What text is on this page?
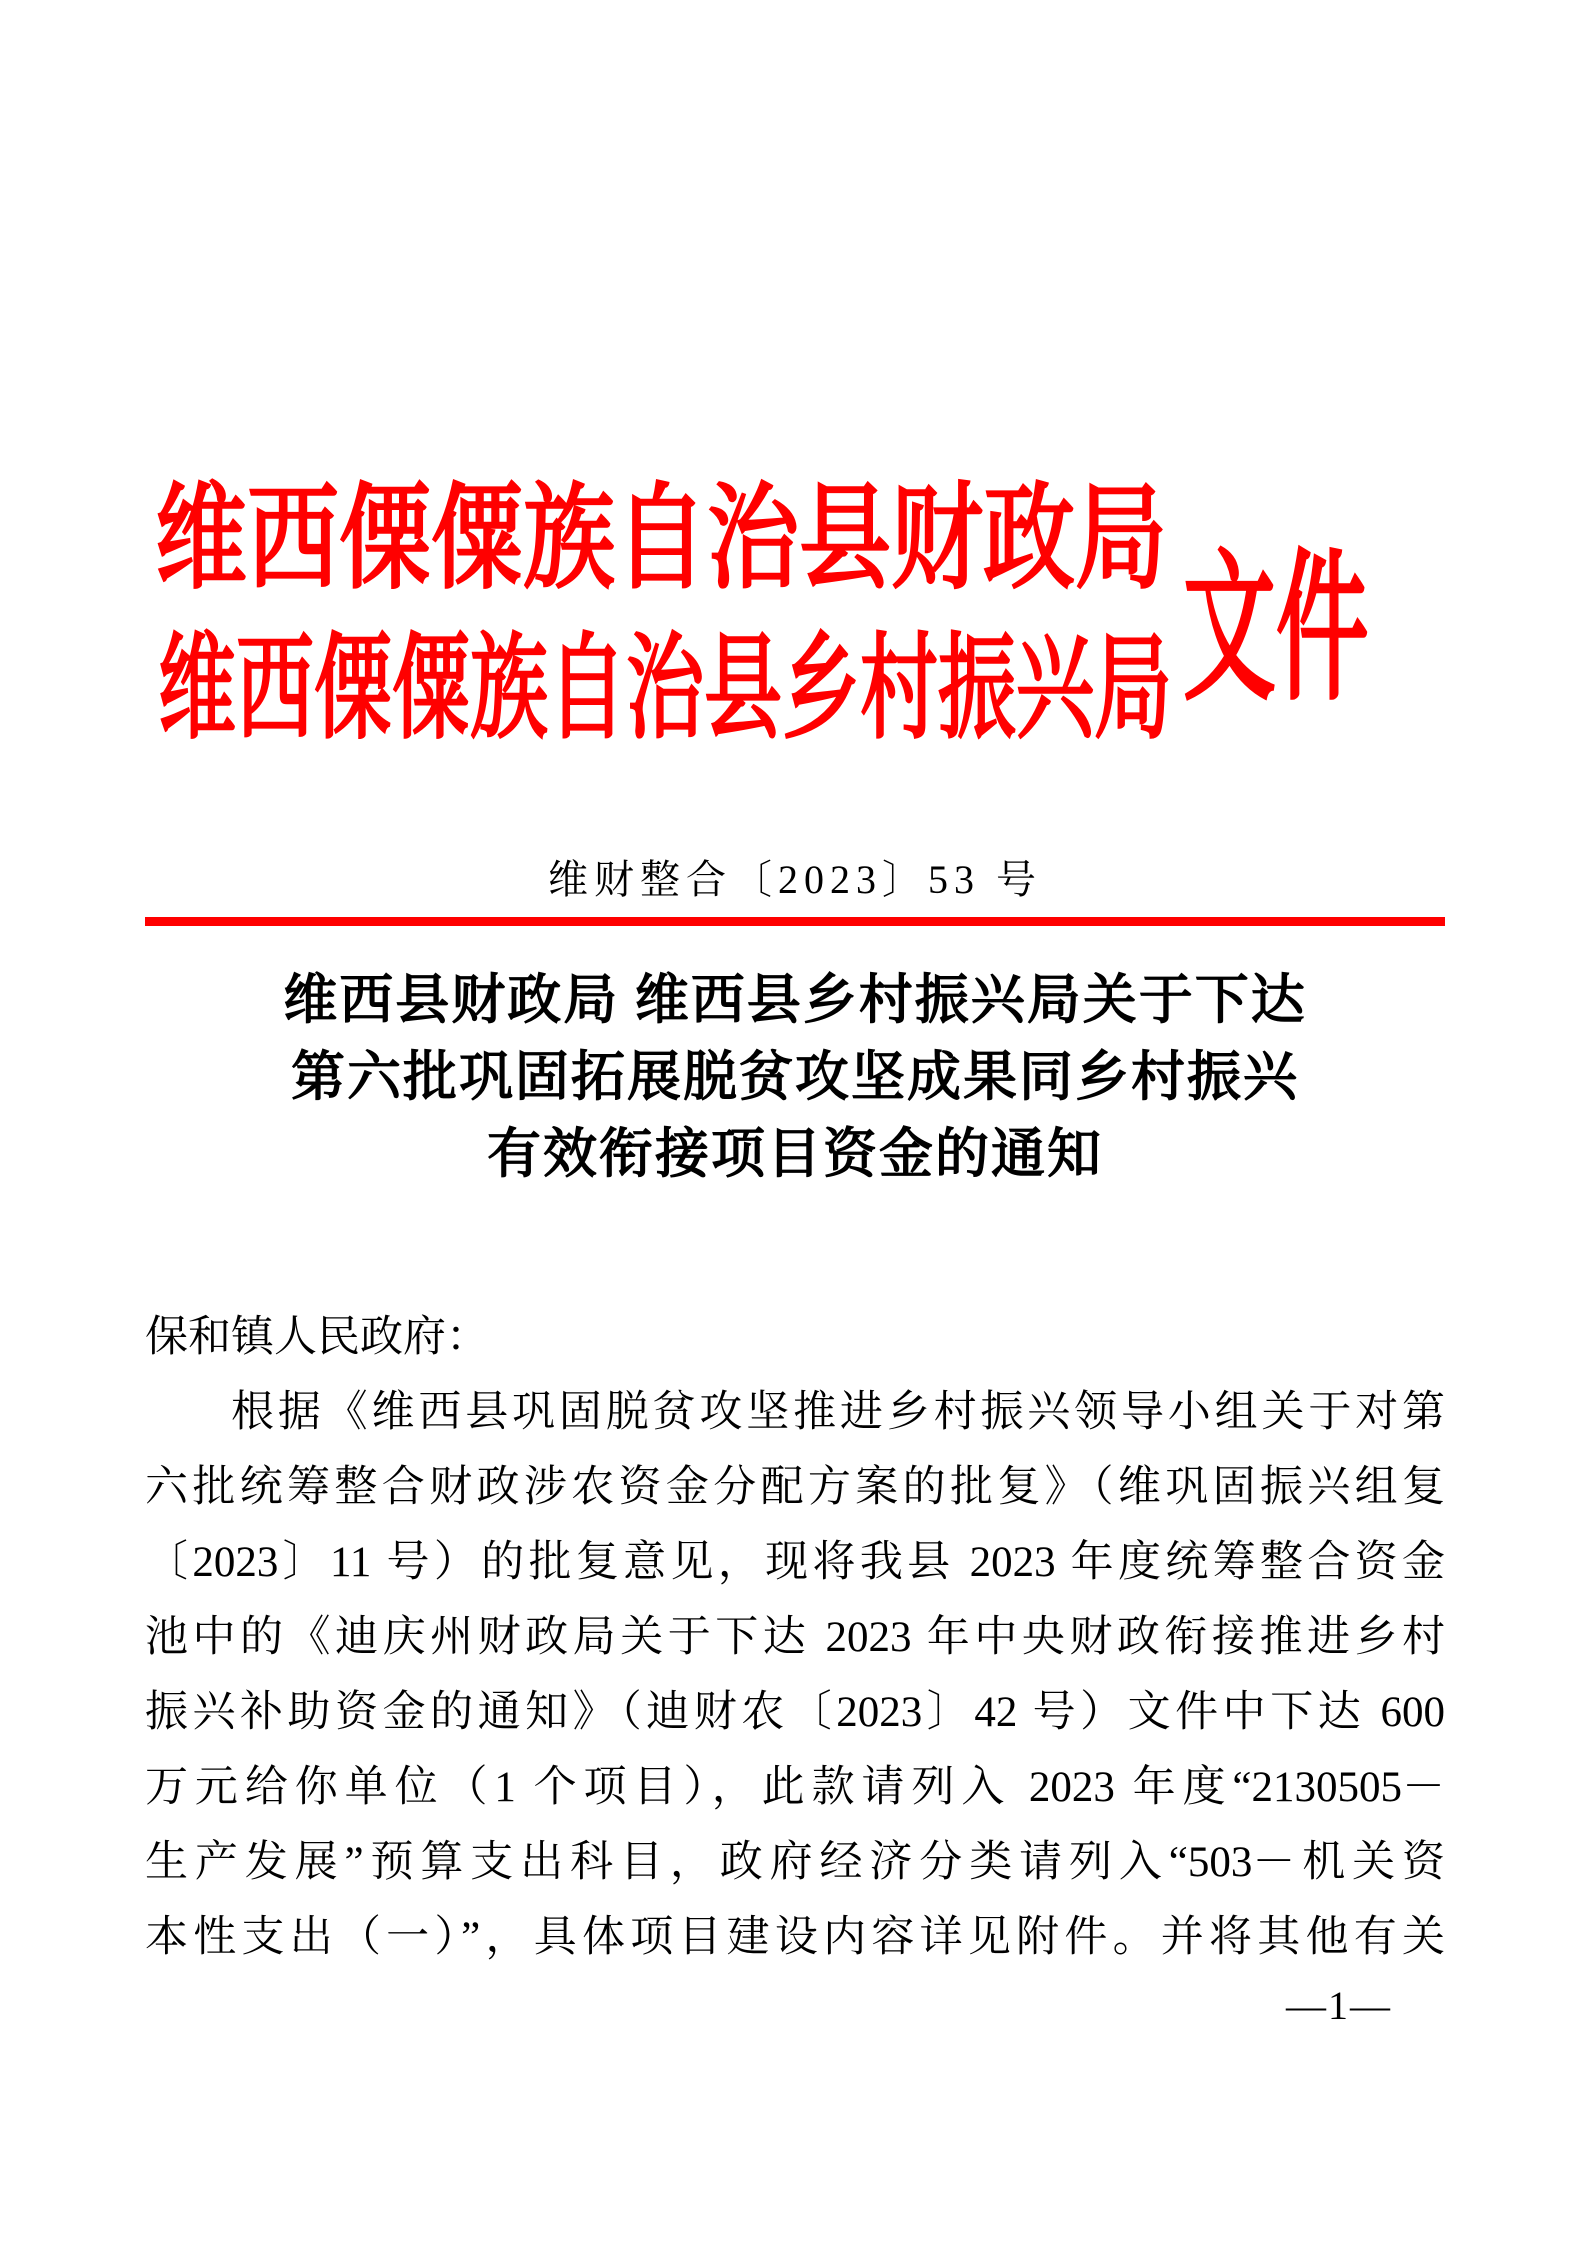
维西傈僳族自治县财政局
维西傈僳族自治县乡村振兴局 文件
维财整合〔2023〕53 号
维西县财政局 维西县乡村振兴局关于下达
第六批巩固拓展脱贫攻坚成果同乡村振兴
有效衔接项目资金的通知
保和镇人民政府：
根据《维西县巩固脱贫攻坚推进乡村振兴领导小组关于对第
六批统筹整合财政涉农资金分配方案的批复》（维巩固振兴组复
〔2023〕11 号）的批复意见，现将我县 2023 年度统筹整合资金
池中的《迪庆州财政局关于下达 2023 年中央财政衔接推进乡村
振兴补助资金的通知》（迪财农〔2023〕42 号）文件中下达 600
万元给你单位（1 个项目），此款请列入 2023 年度“2130505－
生产发展”预算支出科目，政府经济分类请列入“503－机关资
本性支出（一）”，具体项目建设内容详见附件。并将其他有关
—1—
